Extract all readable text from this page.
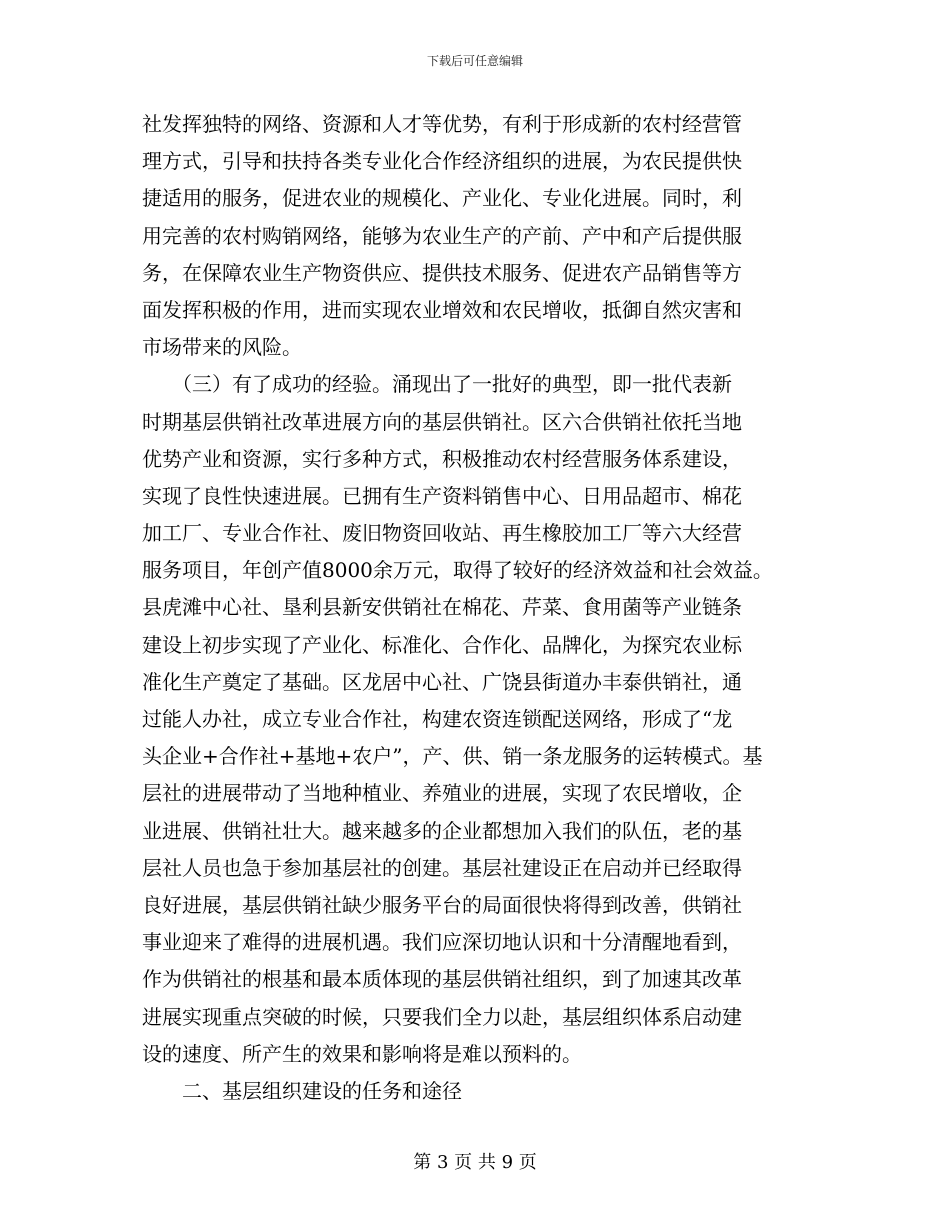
下载后可任意编辑
社发挥独特的网络、资源和人才等优势，有利于形成新的农村经营管
理方式，引导和扶持各类专业化合作经济组织的进展，为农民提供快
捷适用的服务，促进农业的规模化、产业化、专业化进展。同时，利
用完善的农村购销网络，能够为农业生产的产前、产中和产后提供服
务，在保障农业生产物资供应、提供技术服务、促进农产品销售等方
面发挥积极的作用，进而实现农业增效和农民增收，抵御自然灾害和
市场带来的风险。
　　（三）有了成功的经验。涌现出了一批好的典型，即一批代表新
时期基层供销社改革进展方向的基层供销社。区六合供销社依托当地
优势产业和资源，实行多种方式，积极推动农村经营服务体系建设，
实现了良性快速进展。已拥有生产资料销售中心、日用品超市、棉花
加工厂、专业合作社、废旧物资回收站、再生橡胶加工厂等六大经营
服务项目，年创产值8000余万元，取得了较好的经济效益和社会效益。
县虎滩中心社、垦利县新安供销社在棉花、芹菜、食用菌等产业链条
建设上初步实现了产业化、标准化、合作化、品牌化，为探究农业标
准化生产奠定了基础。区龙居中心社、广饶县街道办丰泰供销社，通
过能人办社，成立专业合作社，构建农资连锁配送网络，形成了“龙
头企业+合作社+基地+农户”，产、供、销一条龙服务的运转模式。基
层社的进展带动了当地种植业、养殖业的进展，实现了农民增收，企
业进展、供销社壮大。越来越多的企业都想加入我们的队伍，老的基
层社人员也急于参加基层社的创建。基层社建设正在启动并已经取得
良好进展，基层供销社缺少服务平台的局面很快将得到改善，供销社
事业迎来了难得的进展机遇。我们应深切地认识和十分清醒地看到，
作为供销社的根基和最本质体现的基层供销社组织，到了加速其改革
进展实现重点突破的时候，只要我们全力以赴，基层组织体系启动建
设的速度、所产生的效果和影响将是难以预料的。
　　二、基层组织建设的任务和途径
第 3 页 共 9 页
